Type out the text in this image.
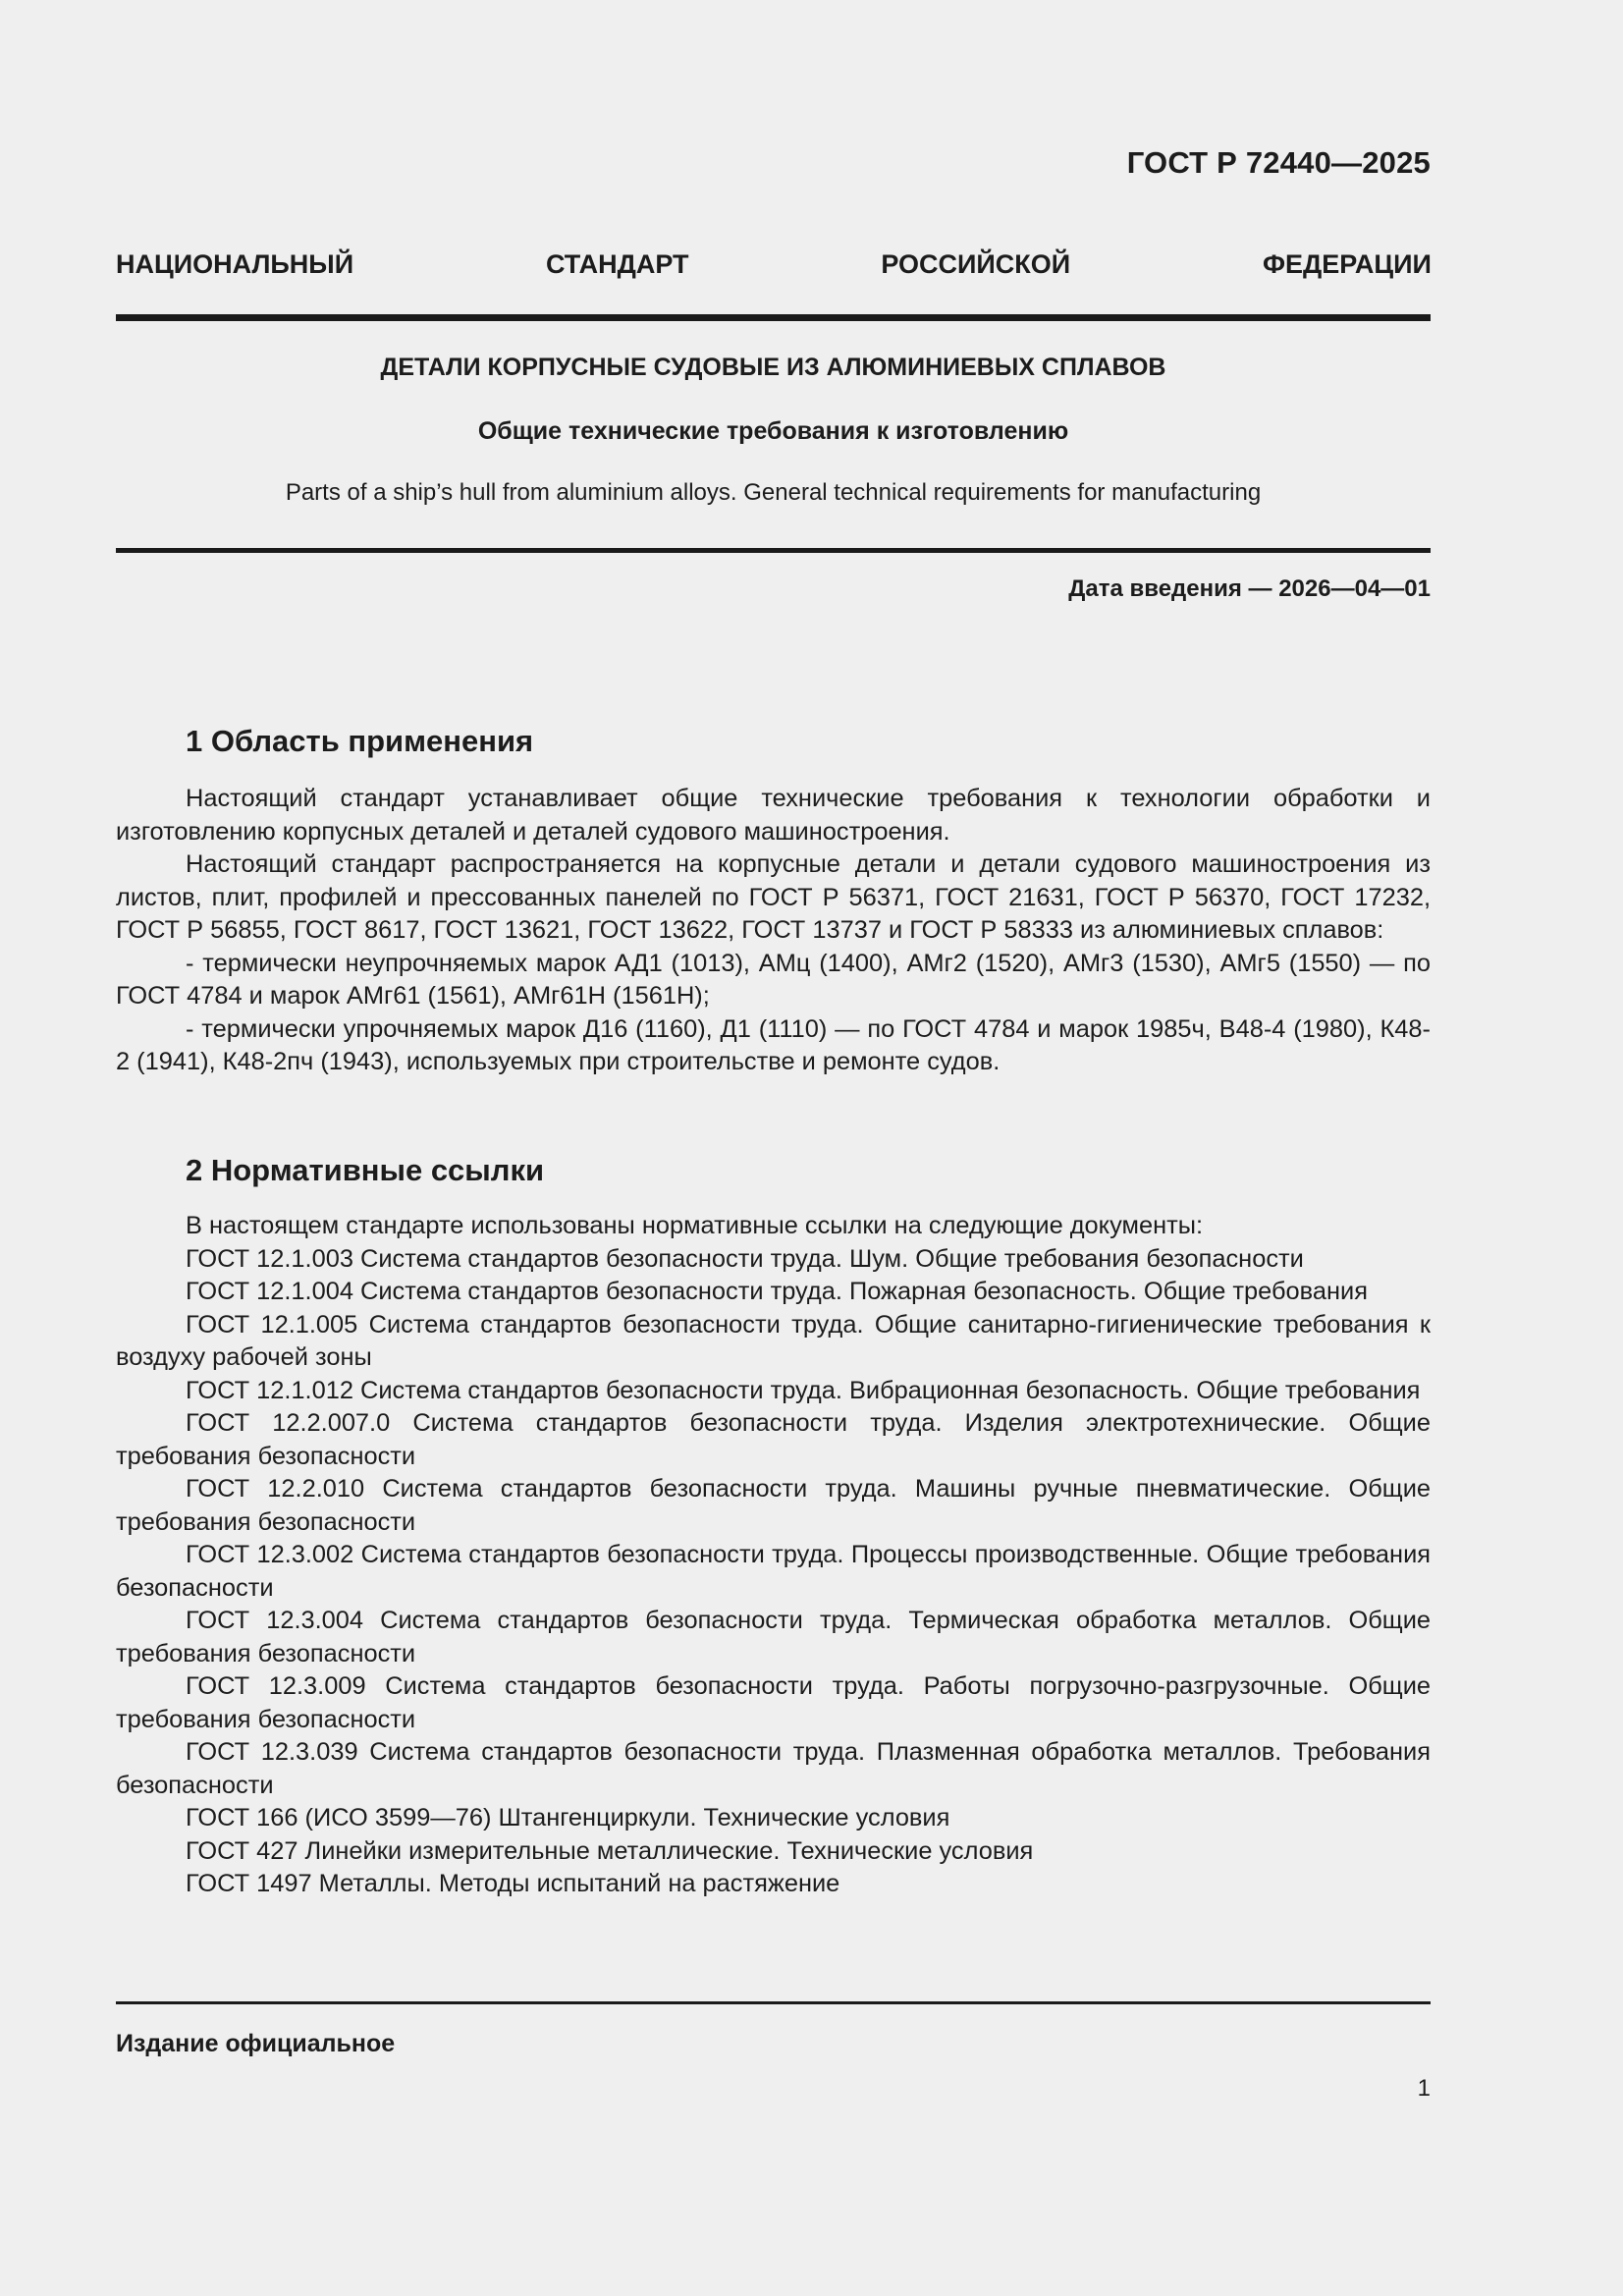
ГОСТ Р 72440—2025
НАЦИОНАЛЬНЫЙ	СТАНДАРТ	РОССИЙСКОЙ	ФЕДЕРАЦИИ
ДЕТАЛИ КОРПУСНЫЕ СУДОВЫЕ ИЗ АЛЮМИНИЕВЫХ СПЛАВОВ
Общие технические требования к изготовлению
Parts of a ship’s hull from aluminium alloys. General technical requirements for manufacturing
Дата введения — 2026—04—01
1 Область применения

Настоящий стандарт устанавливает общие технические требования к технологии обработки и изготовлению корпусных деталей и деталей судового машиностроения.

Настоящий стандарт распространяется на корпусные детали и детали судового машиностроения из листов, плит, профилей и прессованных панелей по ГОСТ Р 56371, ГОСТ 21631, ГОСТ Р 56370, ГОСТ 17232, ГОСТ Р 56855, ГОСТ 8617, ГОСТ 13621, ГОСТ 13622, ГОСТ 13737 и ГОСТ Р 58333 из алюминиевых сплавов:

- термически неупрочняемых марок АД1 (1013), АМц (1400), АМг2 (1520), АМг3 (1530), АМг5 (1550) — по ГОСТ 4784 и марок АМг61 (1561), АМг61Н (1561Н);

- термически упрочняемых марок Д16 (1160), Д1 (1110) — по ГОСТ 4784 и марок 1985ч, В48-4 (1980), К48-2 (1941), К48-2пч (1943), используемых при строительстве и ремонте судов.

2 Нормативные ссылки

В настоящем стандарте использованы нормативные ссылки на следующие документы:

ГОСТ 12.1.003 Система стандартов безопасности труда. Шум. Общие требования безопасности

ГОСТ 12.1.004 Система стандартов безопасности труда. Пожарная безопасность. Общие требования

ГОСТ 12.1.005 Система стандартов безопасности труда. Общие санитарно-гигиенические требования к воздуху рабочей зоны

ГОСТ 12.1.012 Система стандартов безопасности труда. Вибрационная безопасность. Общие требования

ГОСТ 12.2.007.0 Система стандартов безопасности труда. Изделия электротехнические. Общие требования безопасности

ГОСТ 12.2.010 Система стандартов безопасности труда. Машины ручные пневматические. Общие требования безопасности

ГОСТ 12.3.002 Система стандартов безопасности труда. Процессы производственные. Общие требования безопасности

ГОСТ 12.3.004 Система стандартов безопасности труда. Термическая обработка металлов. Общие требования безопасности

ГОСТ 12.3.009 Система стандартов безопасности труда. Работы погрузочно-разгрузочные. Общие требования безопасности

ГОСТ 12.3.039 Система стандартов безопасности труда. Плазменная обработка металлов. Требования безопасности

ГОСТ 166 (ИСО 3599—76) Штангенциркули. Технические условия

ГОСТ 427 Линейки измерительные металлические. Технические условия

ГОСТ 1497 Металлы. Методы испытаний на растяжение

Издание официальное
1
